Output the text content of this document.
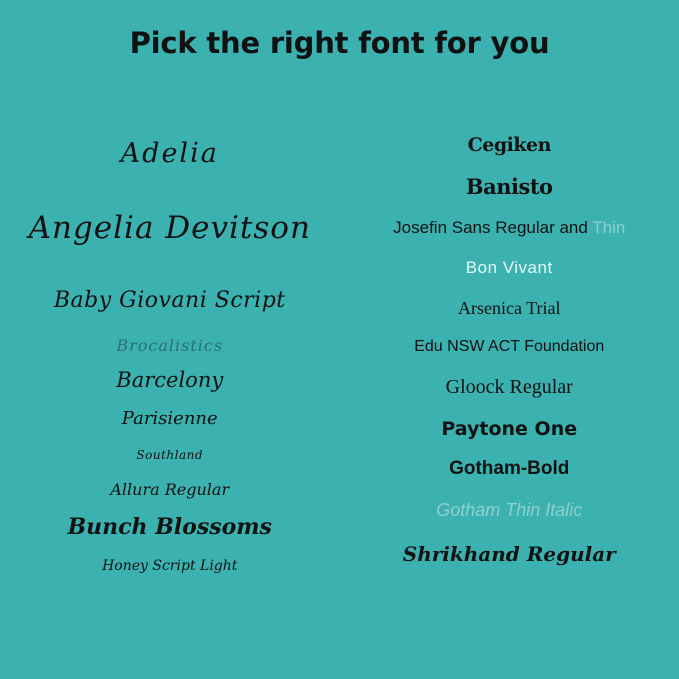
Pick the right font for you
Adelia
Angelia Devitson
Baby Giovani Script
Brocalistics
Barcelony
Parisienne
Southland
Allura Regular
Bunch Blossoms
Honey Script Light
Cegiken
Banisto
Josefin Sans Regular and Thin
Bon Vivant
Arsenica Trial
Edu NSW ACT Foundation
Gloock Regular
Paytone One
Gotham-Bold
Gotham Thin Italic
Shrikhand Regular
